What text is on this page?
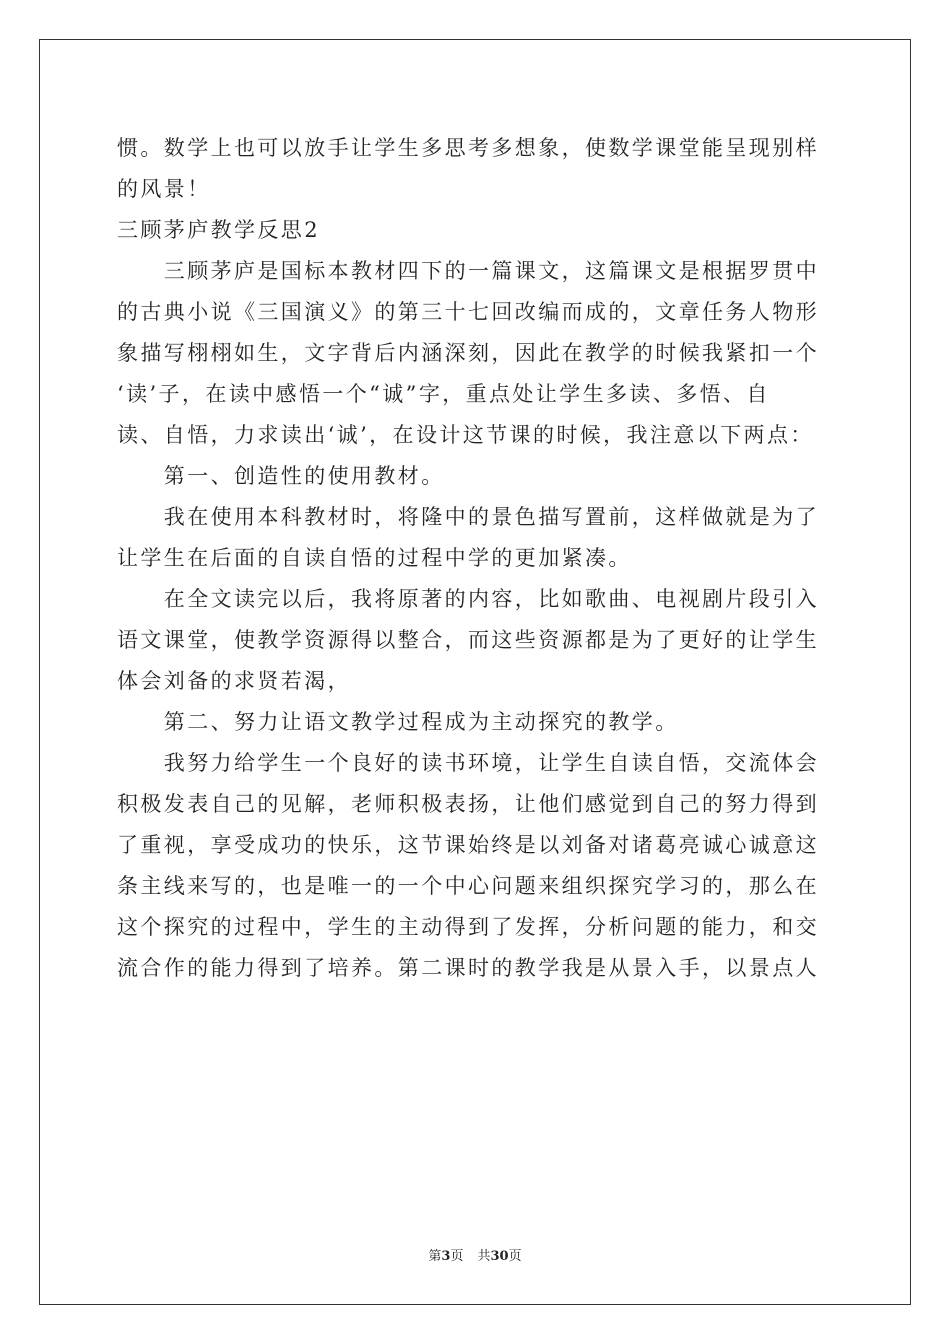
惯。数学上也可以放手让学生多思考多想象，使数学课堂能呈现别样

的风景！

三顾茅庐教学反思2

　　三顾茅庐是国标本教材四下的一篇课文，这篇课文是根据罗贯中

的古典小说《三国演义》的第三十七回改编而成的，文章任务人物形

象描写栩栩如生，文字背后内涵深刻，因此在教学的时候我紧扣一个

‘读’子，在读中感悟一个“诚”字，重点处让学生多读、多悟、自

读、自悟，力求读出‘诚’，在设计这节课的时候，我注意以下两点：

　　第一、创造性的使用教材。

　　我在使用本科教材时，将隆中的景色描写置前，这样做就是为了

让学生在后面的自读自悟的过程中学的更加紧凑。

　　在全文读完以后，我将原著的内容，比如歌曲、电视剧片段引入

语文课堂，使教学资源得以整合，而这些资源都是为了更好的让学生

体会刘备的求贤若渴，

　　第二、努力让语文教学过程成为主动探究的教学。

　　我努力给学生一个良好的读书环境，让学生自读自悟，交流体会

积极发表自己的见解，老师积极表扬，让他们感觉到自己的努力得到

了重视，享受成功的快乐，这节课始终是以刘备对诸葛亮诚心诚意这

条主线来写的，也是唯一的一个中心问题来组织探究学习的，那么在

这个探究的过程中，学生的主动得到了发挥，分析问题的能力，和交

流合作的能力得到了培养。第二课时的教学我是从景入手，以景点人

第3页 共30页
